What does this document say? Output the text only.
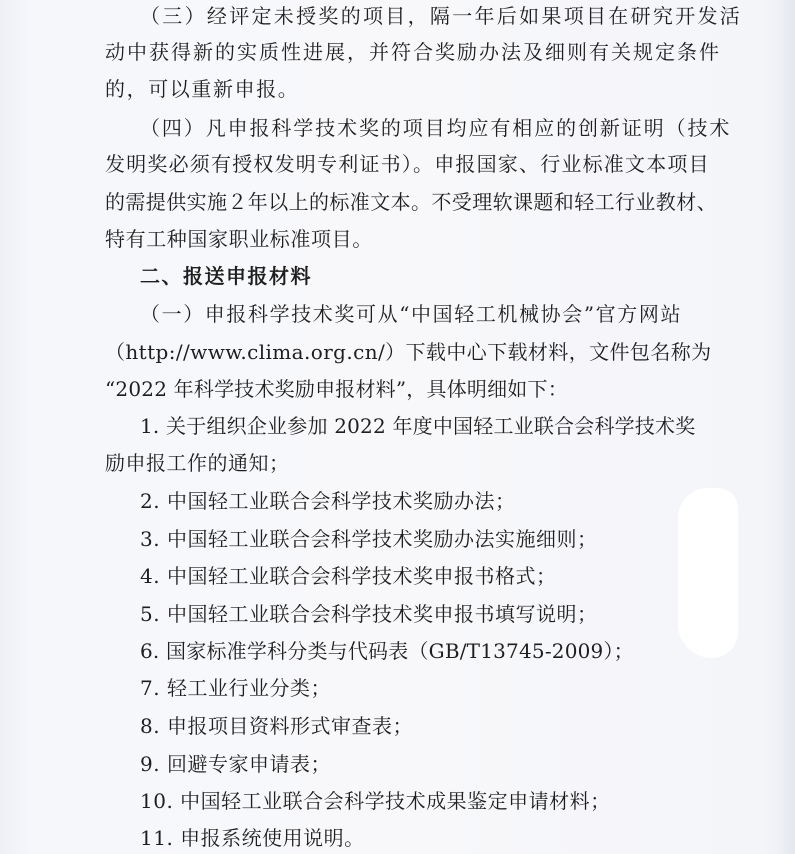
（三）经评定未授奖的项目，隔一年后如果项目在研究开发活
动中获得新的实质性进展，并符合奖励办法及细则有关规定条件
的，可以重新申报。
（四）凡申报科学技术奖的项目均应有相应的创新证明（技术
发明奖必须有授权发明专利证书）。申报国家、行业标准文本项目
的需提供实施２年以上的标准文本。不受理软课题和轻工行业教材、
特有工种国家职业标准项目。
二、报送申报材料
（一）申报科学技术奖可从“中国轻工机械协会”官方网站
（http://www.clima.org.cn/）下载中心下载材料，文件包名称为
“2022 年科学技术奖励申报材料”，具体明细如下：
1. 关于组织企业参加 2022 年度中国轻工业联合会科学技术奖
励申报工作的通知；
2. 中国轻工业联合会科学技术奖励办法；
3. 中国轻工业联合会科学技术奖励办法实施细则；
4. 中国轻工业联合会科学技术奖申报书格式；
5. 中国轻工业联合会科学技术奖申报书填写说明；
6. 国家标准学科分类与代码表（GB/T13745-2009）；
7. 轻工业行业分类；
8. 申报项目资料形式审查表；
9. 回避专家申请表；
10. 中国轻工业联合会科学技术成果鉴定申请材料；
11. 申报系统使用说明。
